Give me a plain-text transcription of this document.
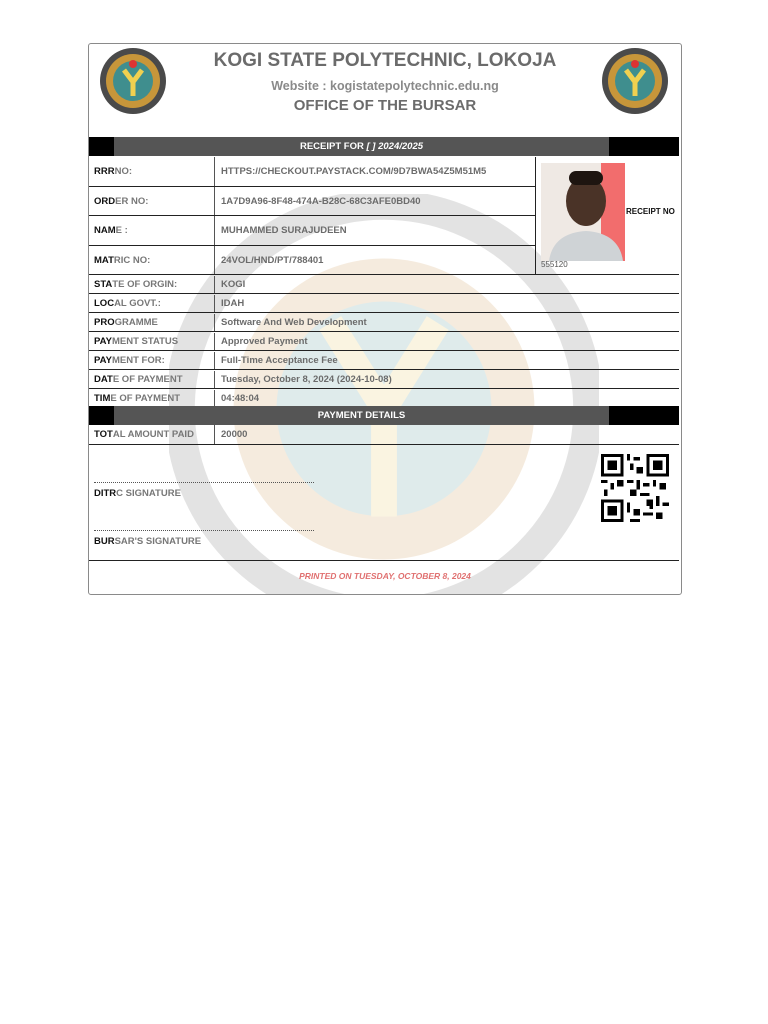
KOGI STATE POLYTECHNIC, LOKOJA
Website : kogistatepolytechnic.edu.ng
OFFICE OF THE BURSAR
RECEIPT FOR [ ] 2024/2025
RRR NO:	HTTPS://CHECKOUT.PAYSTACK.COM/9D7BWA54Z5M51M5
ORD ER NO:	1A7D9A96-8F48-474A-B28C-68C3AFE0BD40
NAM E :	MUHAMMED SURAJUDEEN
MAT RIC NO:	24VOL/HND/PT/788401
RECEIPT NO
555120
STA TE OF ORGIN:	KOGI
LOC AL GOVT.:	IDAH
PRO GRAMME	Software And Web Development
PAY MENT STATUS	Approved Payment
PAY MENT FOR:	Full-Time Acceptance Fee
DAT E OF PAYMENT	Tuesday, October 8, 2024 (2024-10-08)
TIM E OF PAYMENT	04:48:04
PAYMENT DETAILS
TOT AL AMOUNT PAID	20000
DITRC SIGNATURE
BURSAR'S SIGNATURE
PRINTED ON TUESDAY, OCTOBER 8, 2024
